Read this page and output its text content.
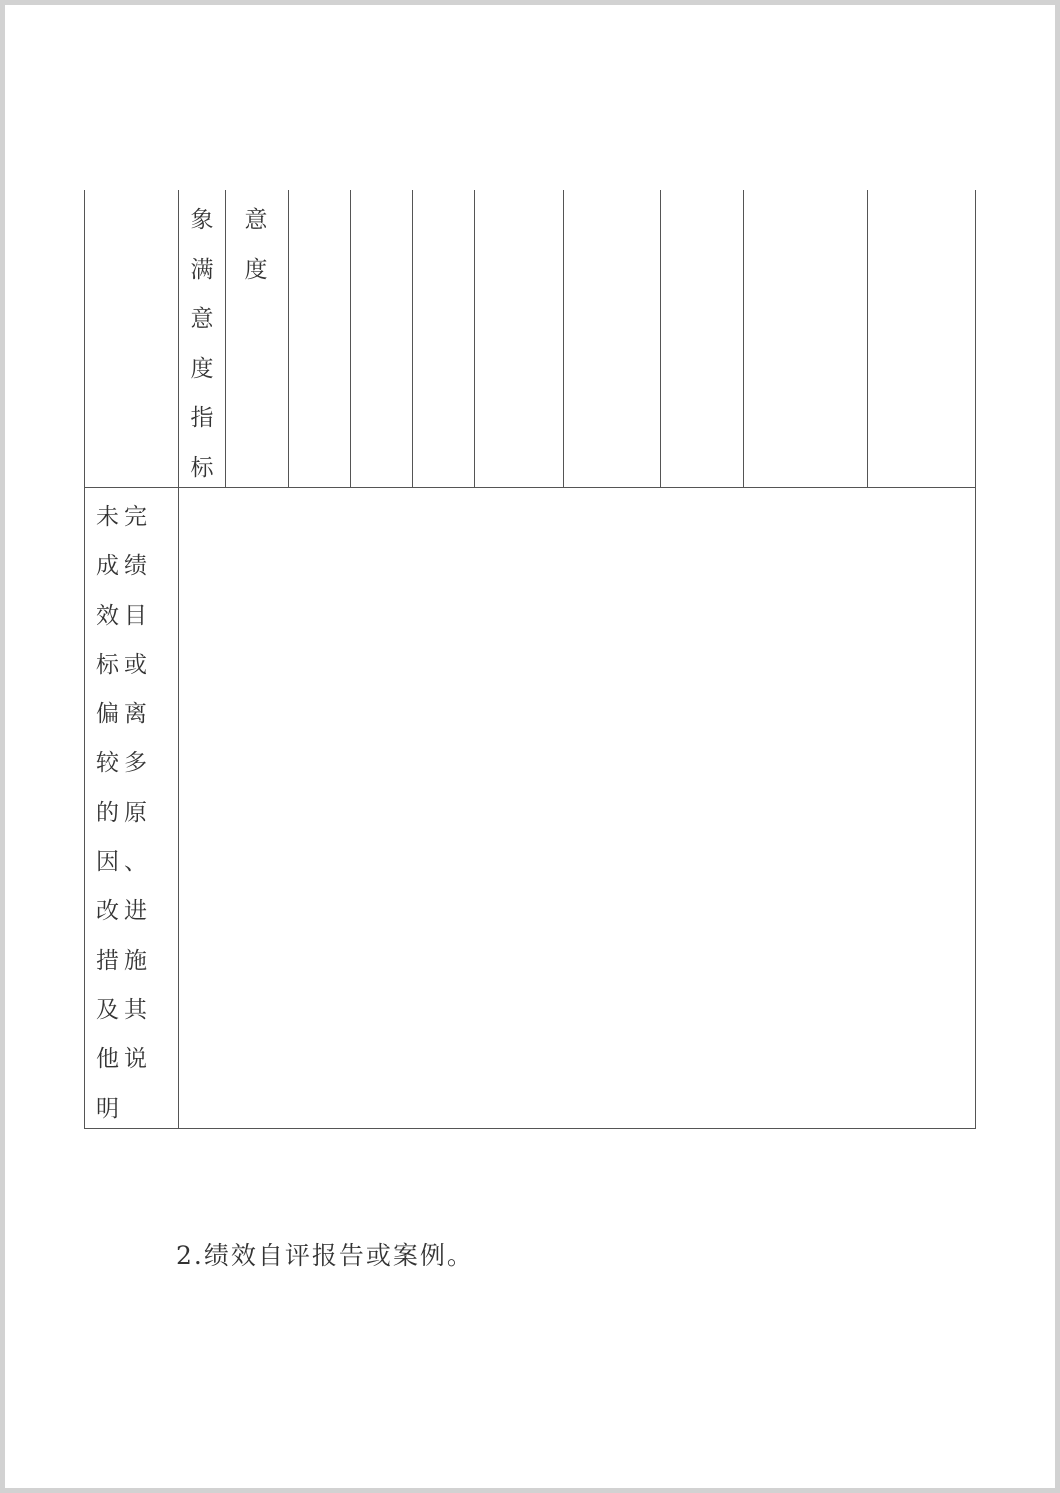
象满意度指标
意度
未完
成绩
效目
标或
偏离
较多
的原
因、
改进
措施
及其
他说
明
2.绩效自评报告或案例。
